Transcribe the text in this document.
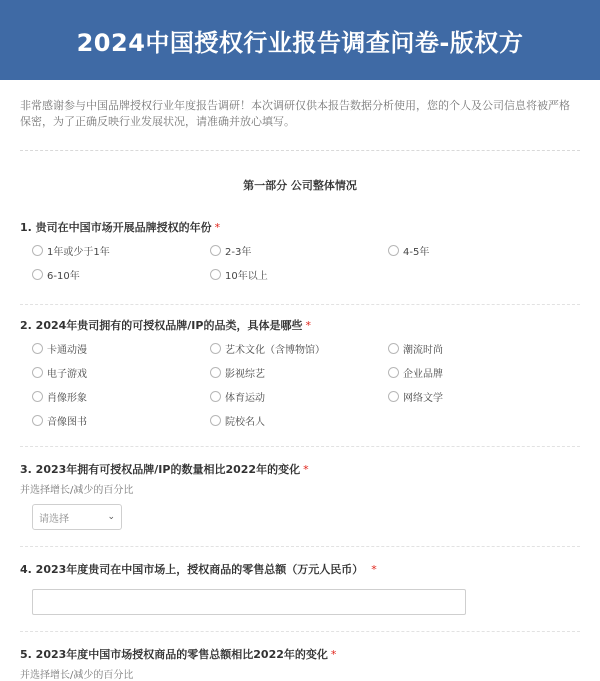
2024中国授权行业报告调查问卷-版权方
非常感谢参与中国品牌授权行业年度报告调研！本次调研仅供本报告数据分析使用，您的个人及公司信息将被严格保密，为了正确反映行业发展状况，请准确并放心填写。
第一部分 公司整体情况
1. 贵司在中国市场开展品牌授权的年份 *
1年或少于1年	2-3年	4-5年
6-10年	10年以上
2. 2024年贵司拥有的可授权品牌/IP的品类，具体是哪些 *
卡通动漫	艺术文化（含博物馆）	潮流时尚
电子游戏	影视综艺	企业品牌
肖像形象	体育运动	网络文学
音像图书	院校名人
3. 2023年拥有可授权品牌/IP的数量相比2022年的变化 *
并选择增长/减少的百分比
请选择	⌄
4. 2023年度贵司在中国市场上，授权商品的零售总额（万元人民币） *
5. 2023年度中国市场授权商品的零售总额相比2022年的变化 *
并选择增长/减少的百分比
